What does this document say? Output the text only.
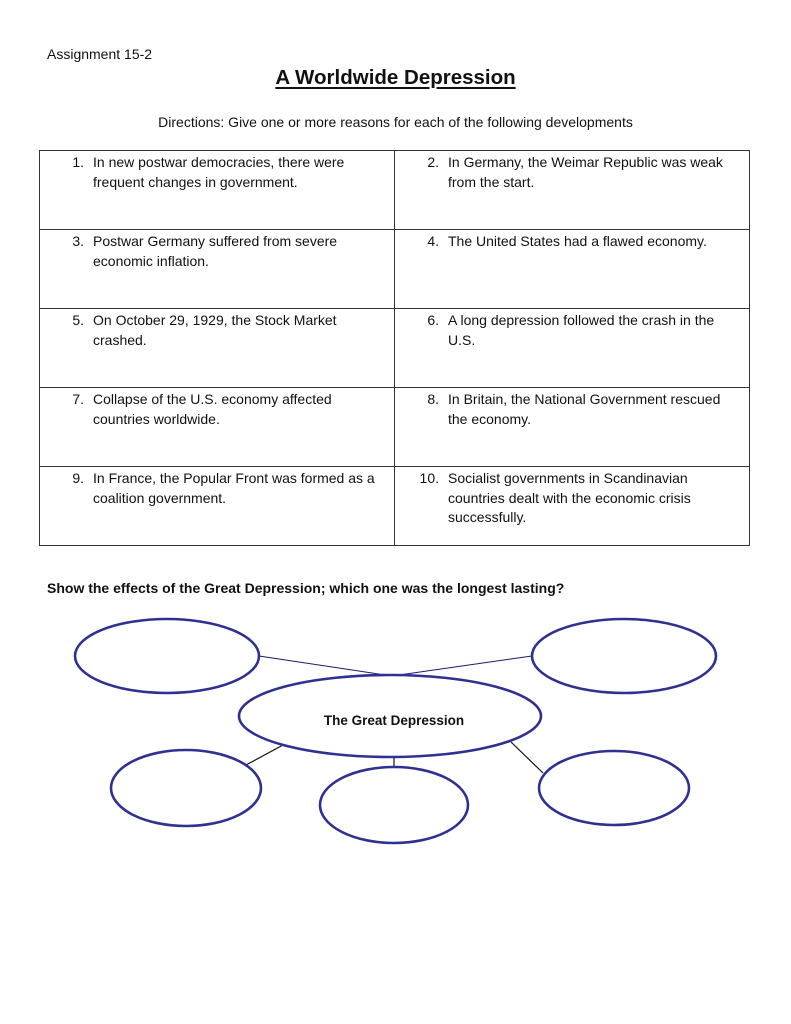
Assignment 15-2
A Worldwide Depression
Directions: Give one or more reasons for each of the following developments
1. In new postwar democracies, there were frequent changes in government.	2. In Germany, the Weimar Republic was weak from the start.

3. Postwar Germany suffered from severe economic inflation.	4. The United States had a flawed economy.

5. On October 29, 1929, the Stock Market crashed.	6. A long depression followed the crash in the U.S.

7. Collapse of the U.S. economy affected countries worldwide.	8. In Britain, the National Government rescued the economy.

9. In France, the Popular Front was formed as a coalition government.	10. Socialist governments in Scandinavian countries dealt with the economic crisis successfully.
Show the effects of the Great Depression; which one was the longest lasting?
The Great Depression
